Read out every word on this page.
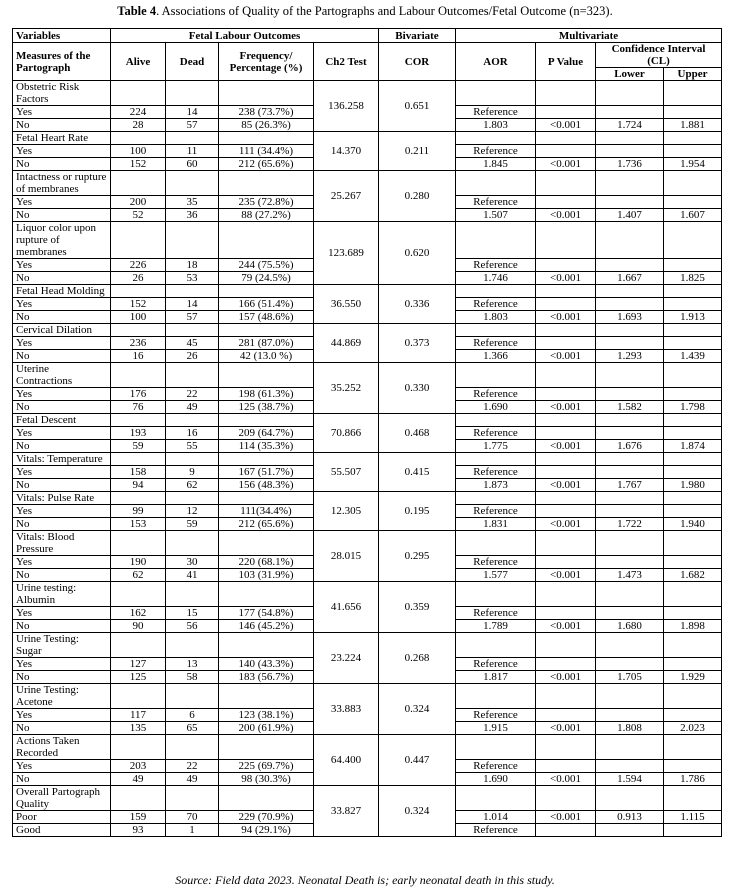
Table 4. Associations of Quality of the Partographs and Labour Outcomes/Fetal Outcome (n=323).
Variables	Fetal Labour Outcomes				Bivariate	Multivariate			
Measures of the Partograph	Alive	Dead	Frequency/ Percentage (%)	Ch2 Test	COR	AOR	P Value	Confidence Interval (CL)	
								Lower	Upper
Obstetric Risk Factors				136.258	0.651				
Yes	224	14	238 (73.7%)			Reference			
No	28	57	85 (26.3%)			1.803	<0.001	1.724	1.881
Fetal Heart Rate				14.370	0.211				
Yes	100	11	111 (34.4%)			Reference			
No	152	60	212 (65.6%)			1.845	<0.001	1.736	1.954
Intactness or rupture of membranes				25.267	0.280				
Yes	200	35	235 (72.8%)			Reference			
No	52	36	88 (27.2%)			1.507	<0.001	1.407	1.607
Liquor color upon rupture of membranes				123.689	0.620				
Yes	226	18	244 (75.5%)			Reference			
No	26	53	79 (24.5%)			1.746	<0.001	1.667	1.825
Fetal Head Molding				36.550	0.336				
Yes	152	14	166 (51.4%)			Reference			
No	100	57	157 (48.6%)			1.803	<0.001	1.693	1.913
Cervical Dilation				44.869	0.373				
Yes	236	45	281 (87.0%)			Reference			
No	16	26	42 (13.0 %)			1.366	<0.001	1.293	1.439
Uterine Contractions				35.252	0.330				
Yes	176	22	198 (61.3%)			Reference			
No	76	49	125 (38.7%)			1.690	<0.001	1.582	1.798
Fetal Descent				70.866	0.468				
Yes	193	16	209 (64.7%)			Reference			
No	59	55	114 (35.3%)			1.775	<0.001	1.676	1.874
Vitals: Temperature				55.507	0.415				
Yes	158	9	167 (51.7%)			Reference			
No	94	62	156 (48.3%)			1.873	<0.001	1.767	1.980
Vitals: Pulse Rate				12.305	0.195				
Yes	99	12	111(34.4%)			Reference			
No	153	59	212 (65.6%)			1.831	<0.001	1.722	1.940
Vitals: Blood Pressure				28.015	0.295				
Yes	190	30	220 (68.1%)			Reference			
No	62	41	103 (31.9%)			1.577	<0.001	1.473	1.682
Urine testing: Albumin				41.656	0.359				
Yes	162	15	177 (54.8%)			Reference			
No	90	56	146 (45.2%)			1.789	<0.001	1.680	1.898
Urine Testing: Sugar				23.224	0.268				
Yes	127	13	140 (43.3%)			Reference			
No	125	58	183 (56.7%)			1.817	<0.001	1.705	1.929
Urine Testing: Acetone				33.883	0.324				
Yes	117	6	123 (38.1%)			Reference			
No	135	65	200 (61.9%)			1.915	<0.001	1.808	2.023
Actions Taken Recorded				64.400	0.447				
Yes	203	22	225 (69.7%)			Reference			
No	49	49	98 (30.3%)			1.690	<0.001	1.594	1.786
Overall Partograph Quality				33.827	0.324				
Poor	159	70	229 (70.9%)			1.014	<0.001	0.913	1.115
Good	93	1	94 (29.1%)			Reference			
Source: Field data 2023. Neonatal Death is; early neonatal death in this study.
